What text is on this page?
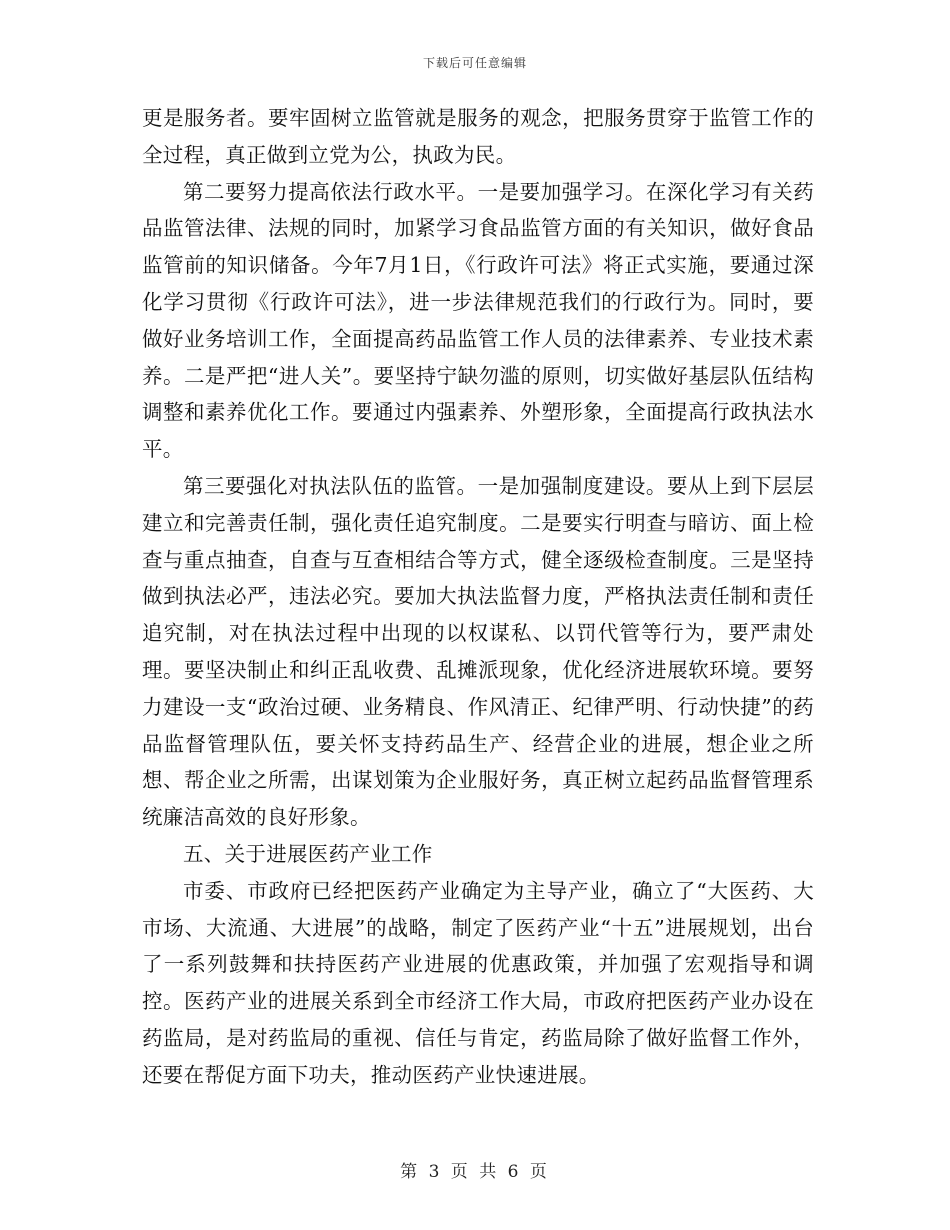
下载后可任意编辑

更是服务者。要牢固树立监管就是服务的观念，把服务贯穿于监管工作的全过程，真正做到立党为公，执政为民。

第二要努力提高依法行政水平。一是要加强学习。在深化学习有关药品监管法律、法规的同时，加紧学习食品监管方面的有关知识，做好食品监管前的知识储备。今年7月1日，《行政许可法》将正式实施，要通过深化学习贯彻《行政许可法》，进一步法律规范我们的行政行为。同时，要做好业务培训工作，全面提高药品监管工作人员的法律素养、专业技术素养。二是严把“进人关”。要坚持宁缺勿滥的原则，切实做好基层队伍结构调整和素养优化工作。要通过内强素养、外塑形象，全面提高行政执法水平。

第三要强化对执法队伍的监管。一是加强制度建设。要从上到下层层建立和完善责任制，强化责任追究制度。二是要实行明查与暗访、面上检查与重点抽查，自查与互查相结合等方式，健全逐级检查制度。三是坚持做到执法必严，违法必究。要加大执法监督力度，严格执法责任制和责任追究制，对在执法过程中出现的以权谋私、以罚代管等行为，要严肃处理。要坚决制止和纠正乱收费、乱摊派现象，优化经济进展软环境。要努力建设一支“政治过硬、业务精良、作风清正、纪律严明、行动快捷”的药品监督管理队伍，要关怀支持药品生产、经营企业的进展，想企业之所想、帮企业之所需，出谋划策为企业服好务，真正树立起药品监督管理系统廉洁高效的良好形象。

五、关于进展医药产业工作

市委、市政府已经把医药产业确定为主导产业，确立了“大医药、大市场、大流通、大进展”的战略，制定了医药产业“十五”进展规划，出台了一系列鼓舞和扶持医药产业进展的优惠政策，并加强了宏观指导和调控。医药产业的进展关系到全市经济工作大局，市政府把医药产业办设在药监局，是对药监局的重视、信任与肯定，药监局除了做好监督工作外，还要在帮促方面下功夫，推动医药产业快速进展。

第 3 页 共 6 页
